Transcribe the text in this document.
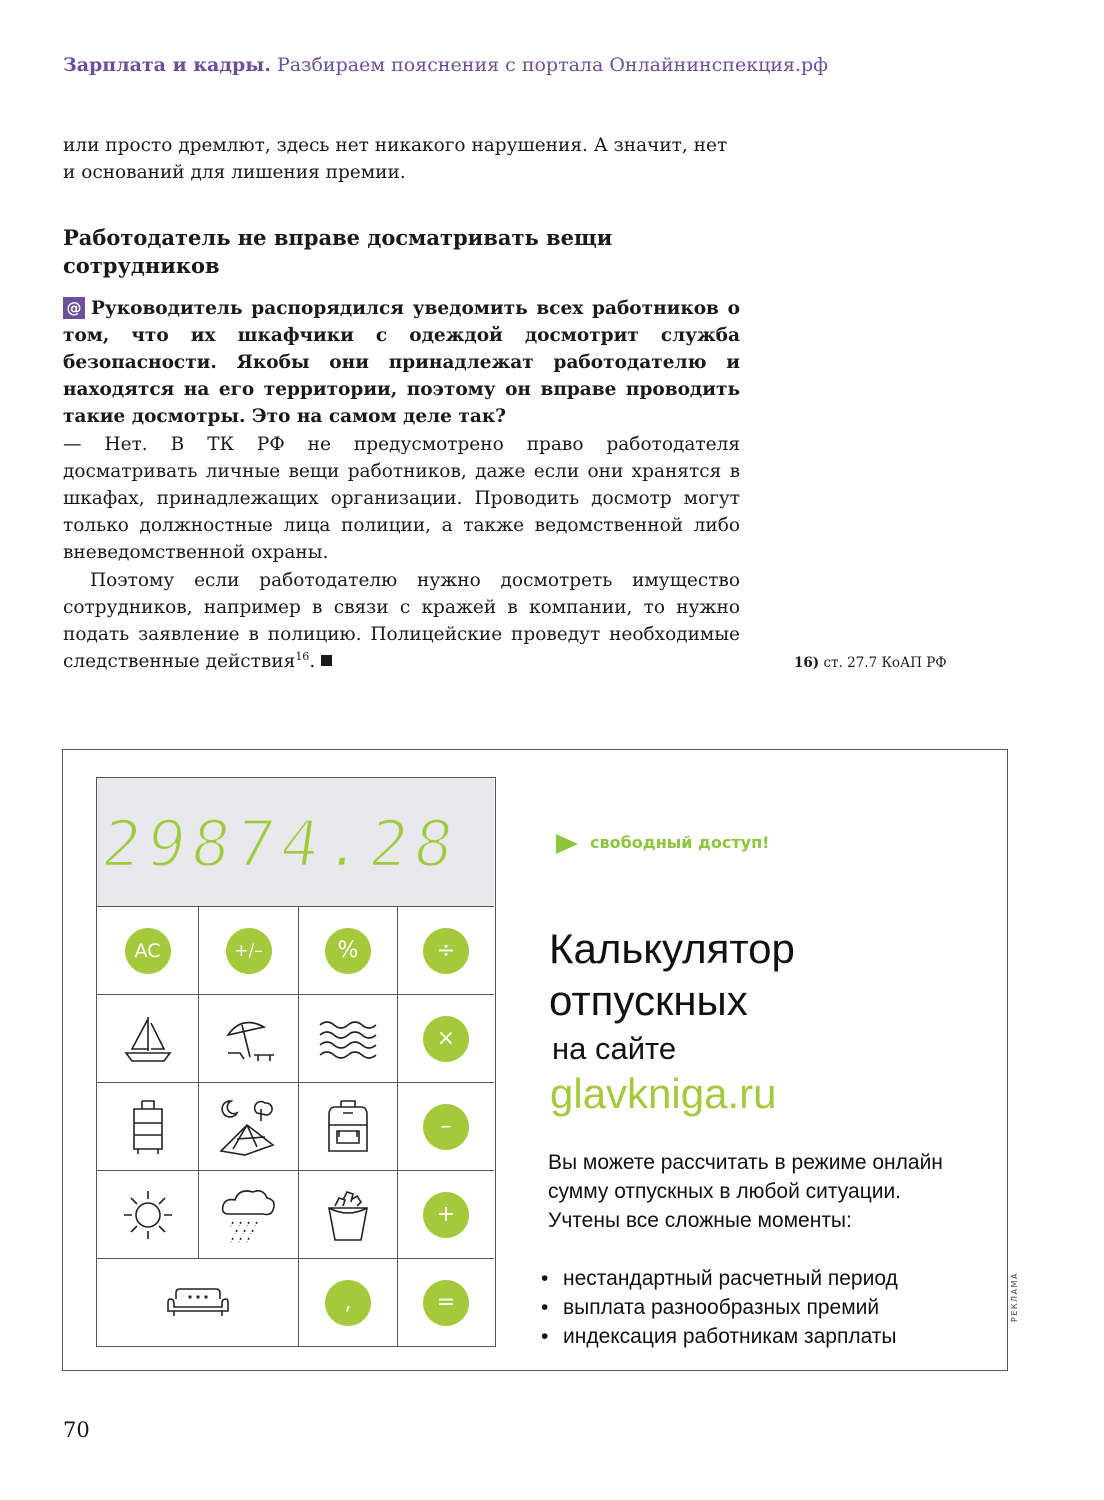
Зарплата и кадры. Разбираем пояснения с портала Онлайнинспекция.рф

или просто дремлют, здесь нет никакого нарушения. А значит, нет и оснований для лишения премии.

Работодатель не вправе досматривать вещи сотрудников

@ Руководитель распорядился уведомить всех работников о том, что их шкафчики с одеждой досмотрит служба безопасности. Якобы они принадлежат работодателю и находятся на его территории, поэтому он вправе проводить такие досмотры. Это на самом деле так?

— Нет. В ТК РФ не предусмотрено право работодателя досматривать личные вещи работников, даже если они хранятся в шкафах, принадлежащих организации. Проводить досмотр могут только должностные лица полиции, а также ведомственной либо вневедомственной охраны.

Поэтому если работодателю нужно досмотреть имущество сотрудников, например в связи с кражей в компании, то нужно подать заявление в полицию. Полицейские проведут необходимые следственные действия$^{16}$.	16) ст. 27.7 КоАП РФ
29874.28
AC	+/–	%	÷
×
–
+
,	=
свободный доступ!
Калькулятор
отпускных
на сайте
glavkniga.ru

Вы можете рассчитать в режиме онлайн сумму отпускных в любой ситуации. Учтены все сложные моменты:

• нестандартный расчетный период
• выплата разнообразных премий
• индексация работникам зарплаты
РЕКЛАМА
70
